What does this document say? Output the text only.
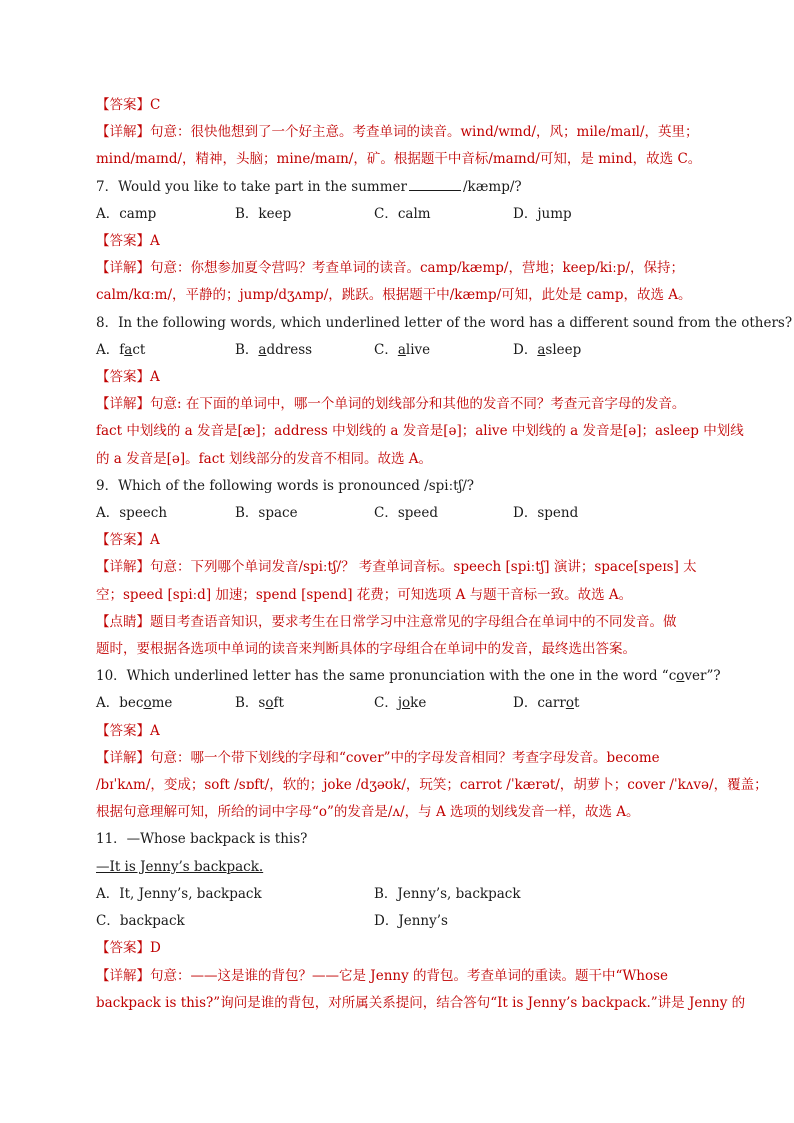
【答案】C
【详解】句意：很快他想到了一个好主意。考查单词的读音。wind/wɪnd/，风；mile/maɪl/，英里；
mind/maɪnd/，精神，头脑；mine/maɪn/，矿。根据题干中音标/maɪnd/可知，是 mind，故选 C。
7．Would you like to take part in the summer	/kæmp/?
A．camp	B．keep	C．calm	D．jump
【答案】A
【详解】句意：你想参加夏令营吗？考查单词的读音。camp/kæmp/，营地；keep/kiːp/，保持；
calm/kɑːm/，平静的；jump/dʒʌmp/，跳跃。根据题干中/kæmp/可知，此处是 camp，故选 A。
8．In the following words, which underlined letter of the word has a different sound from the others?
A．fact	B．address	C．alive	D．asleep
【答案】A
【详解】句意: 在下面的单词中，哪一个单词的划线部分和其他的发音不同？考查元音字母的发音。
fact 中划线的 a 发音是[æ]；address 中划线的 a 发音是[ə]；alive 中划线的 a 发音是[ə]；asleep 中划线
的 a 发音是[ə]。fact 划线部分的发音不相同。故选 A。
9．Which of the following words is pronounced /spiːtʃ/?
A．speech	B．space	C．speed	D．spend
【答案】A
【详解】句意：下列哪个单词发音/spiːtʃ/？ 考查单词音标。speech [spiːtʃ] 演讲；space[speɪs] 太
空；speed [spiːd] 加速；spend [spend] 花费；可知选项 A 与题干音标一致。故选 A。
【点睛】题目考查语音知识，要求考生在日常学习中注意常见的字母组合在单词中的不同发音。做
题时，要根据各选项中单词的读音来判断具体的字母组合在单词中的发音，最终选出答案。
10．Which underlined letter has the same pronunciation with the one in the word “cover”?
A．become	B．soft	C．joke	D．carrot
【答案】A
【详解】句意：哪一个带下划线的字母和“cover”中的字母发音相同？考查字母发音。become
/bɪˈkʌm/，变成；soft /sɒft/，软的；joke /dʒəʊk/，玩笑；carrot /ˈkærət/，胡萝卜；cover /ˈkʌvə/，覆盖；
根据句意理解可知，所给的词中字母“o”的发音是/ʌ/，与 A 选项的划线发音一样，故选 A。
11．—Whose backpack is this?
—It is Jenny’s backpack.
A．It, Jenny’s, backpack	B．Jenny’s, backpack
C．backpack	D．Jenny’s
【答案】D
【详解】句意：——这是谁的背包？——它是 Jenny 的背包。考查单词的重读。题干中“Whose
backpack is this?”询问是谁的背包，对所属关系提问，结合答句“It is Jenny’s backpack.”讲是 Jenny 的
